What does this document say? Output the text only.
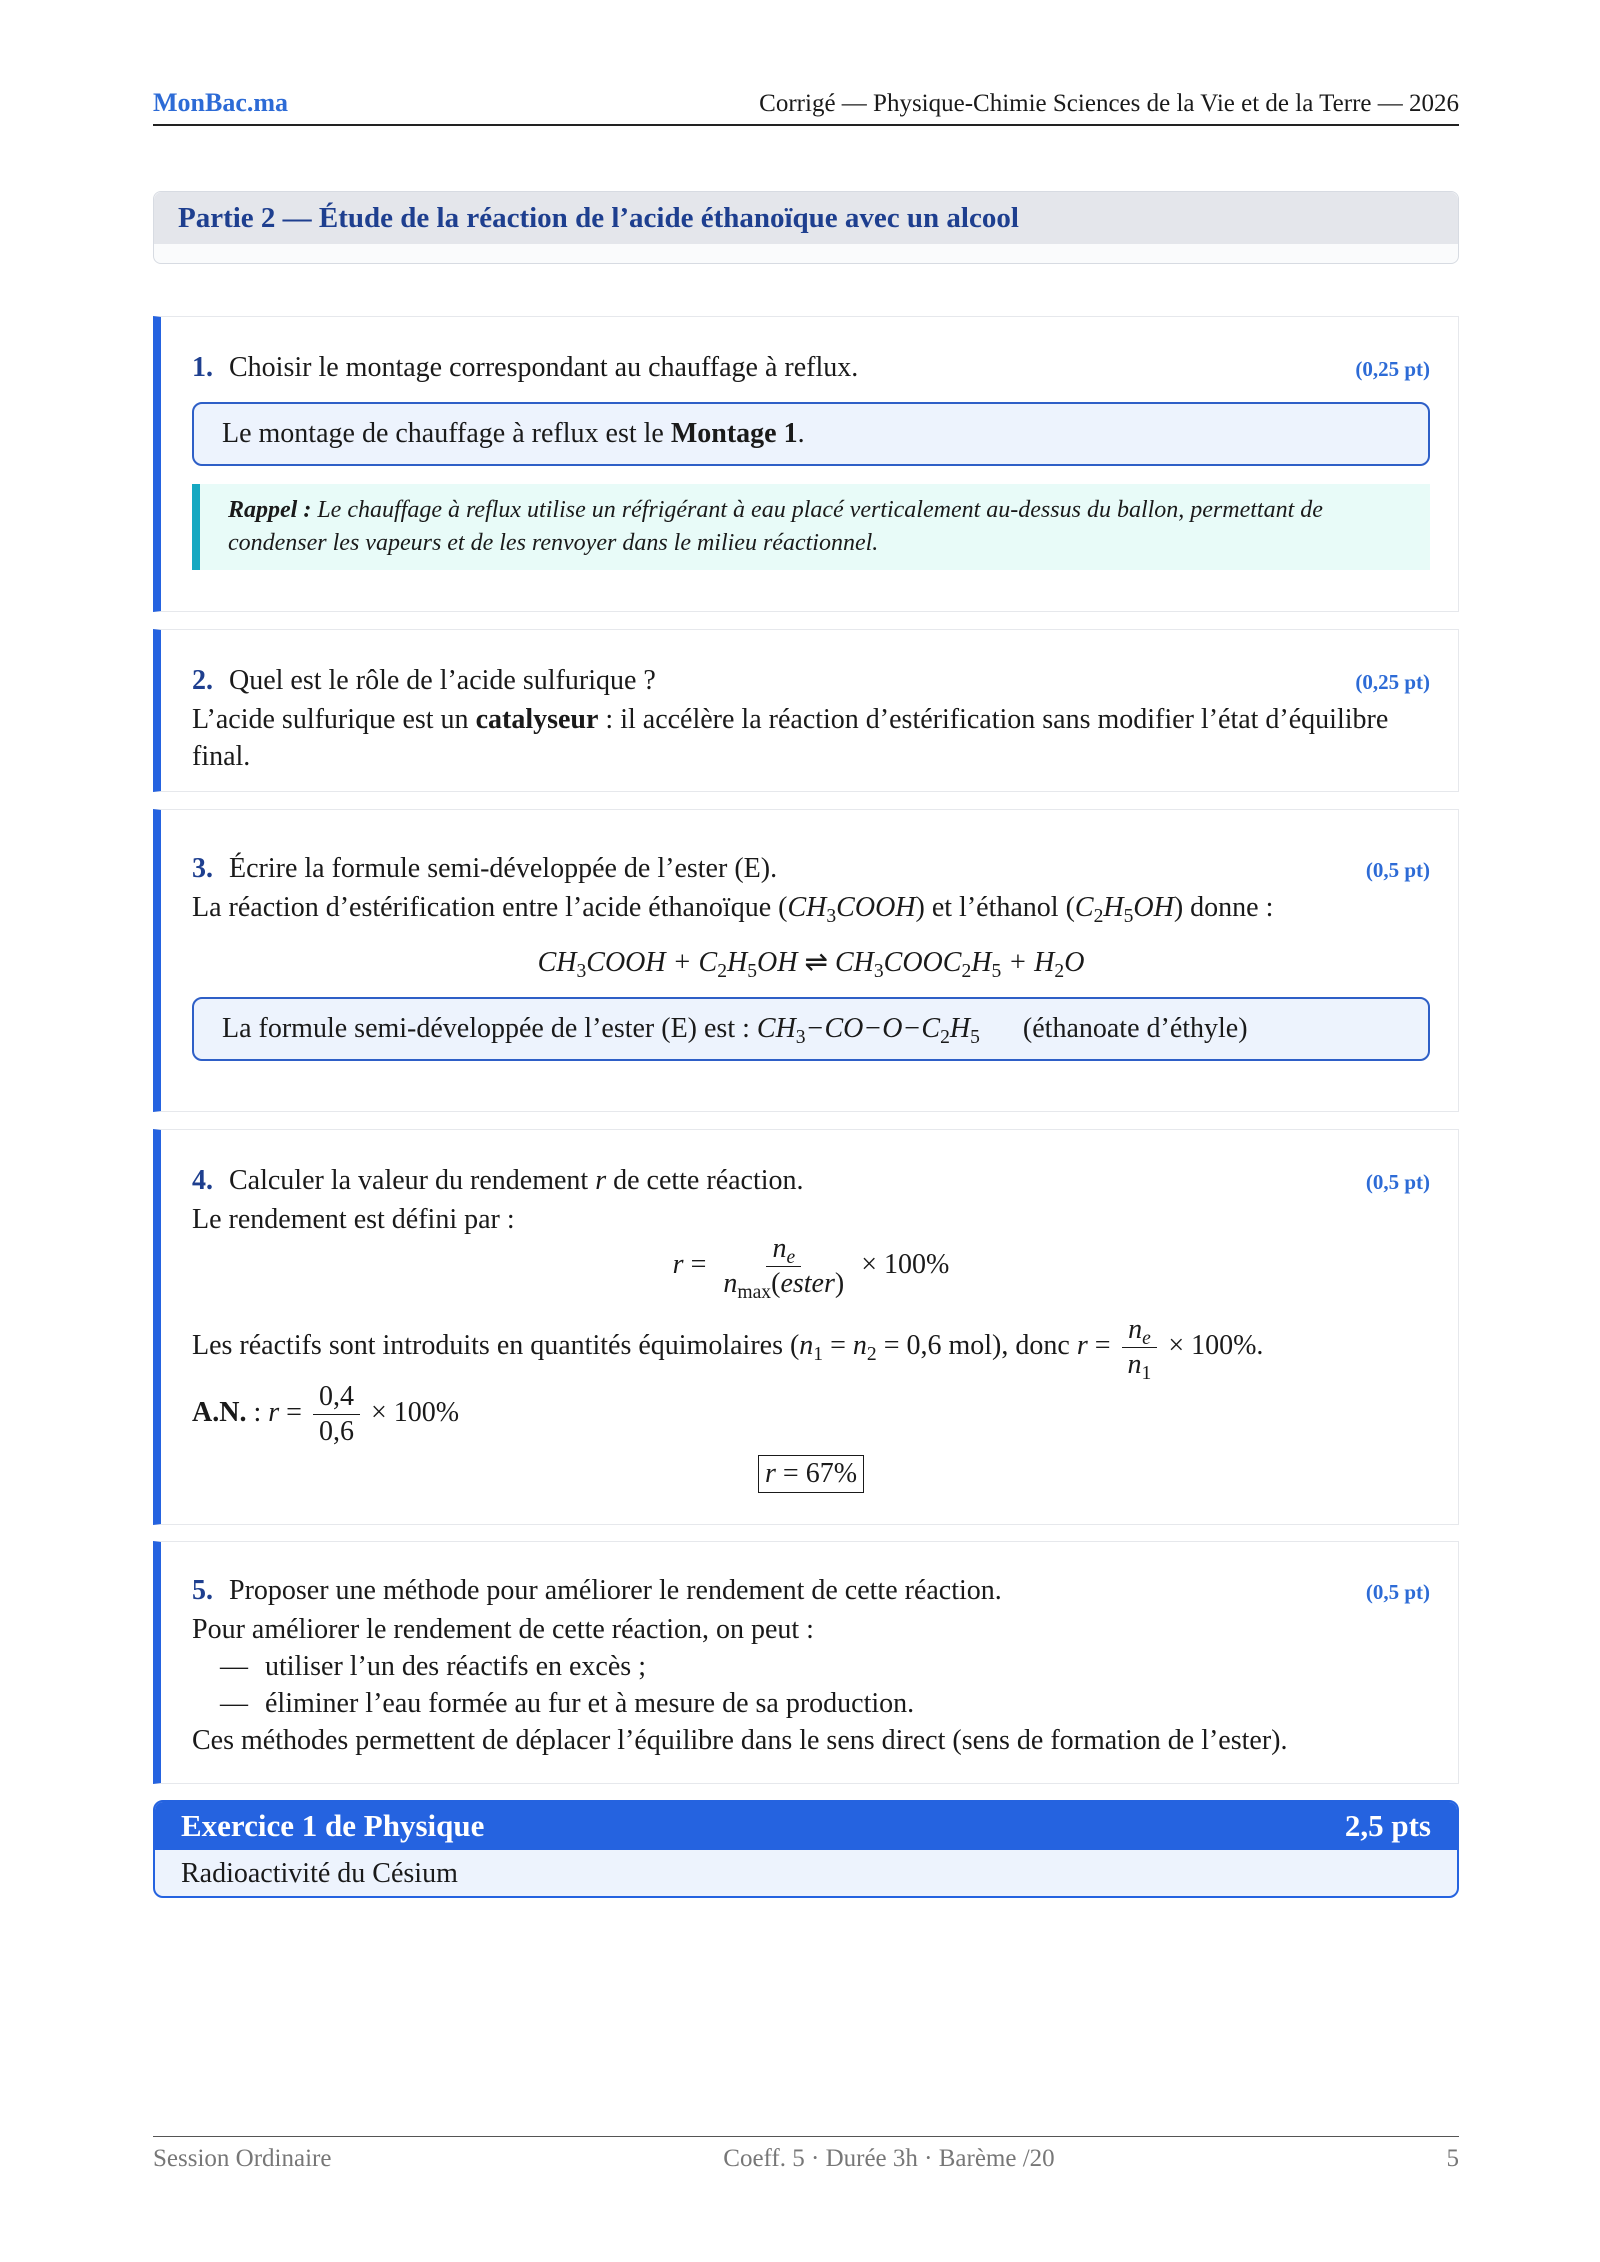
MonBac.ma	Corrigé — Physique-Chimie Sciences de la Vie et de la Terre — 2026
Partie 2 — Étude de la réaction de l’acide éthanoïque avec un alcool
1. Choisir le montage correspondant au chauffage à reflux.	(0,25 pt)
Le montage de chauffage à reflux est le Montage 1.
Rappel : Le chauffage à reflux utilise un réfrigérant à eau placé verticalement au-dessus du ballon, permettant de condenser les vapeurs et de les renvoyer dans le milieu réactionnel.
2. Quel est le rôle de l’acide sulfurique ?	(0,25 pt)
L’acide sulfurique est un catalyseur : il accélère la réaction d’estérification sans modifier l’état d’équilibre final.
3. Écrire la formule semi-développée de l’ester (E).	(0,5 pt)
La réaction d’estérification entre l’acide éthanoïque $(CH_3COOH)$ et l’éthanol $(C_2H_5OH)$ donne :
$CH_3COOH + C_2H_5OH$ ⇌ $CH_3COOC_2H_5 + H_2O$
La formule semi-développée de l’ester (E) est : $CH_3-CO-O-C_2H_5$ (éthanoate d’éthyle)
4. Calculer la valeur du rendement r de cette réaction.	(0,5 pt)
Le rendement est défini par :
$r = \frac{n_e}{n_{max}(ester)} \times 100\%$
Les réactifs sont introduits en quantités équimolaires ($n_1 = n_2 = 0,6$ mol), donc $r = \frac{n_e}{n_1} \times 100\%$.
A.N. : $r = \frac{0,4}{0,6} \times 100\%$
r = 67%
5. Proposer une méthode pour améliorer le rendement de cette réaction.	(0,5 pt)
Pour améliorer le rendement de cette réaction, on peut :
— utiliser l’un des réactifs en excès ;
— éliminer l’eau formée au fur et à mesure de sa production.
Ces méthodes permettent de déplacer l’équilibre dans le sens direct (sens de formation de l’ester).
Exercice 1 de Physique	2,5 pts
Radioactivité du Césium
Session Ordinaire	Coeff. 5 · Durée 3h · Barème /20	5
